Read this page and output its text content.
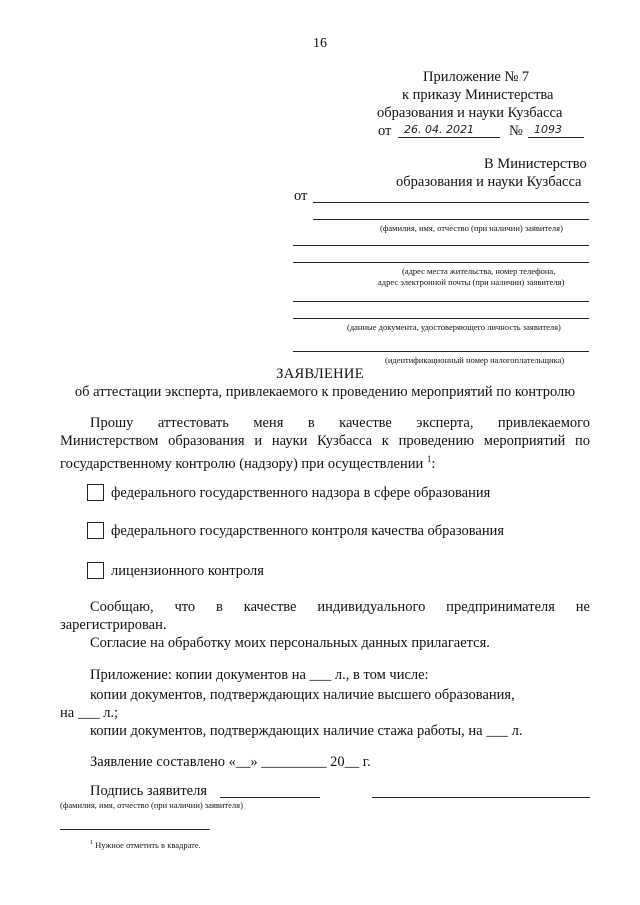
16
Приложение № 7
к приказу Министерства
образования и науки Кузбасса
от 26. 04. 2021 № 1093
В Министерство
образования и науки Кузбасса
от
(фамилия, имя, отчество (при наличии) заявителя)
(адрес места жительства, номер телефона,
адрес электронной почты (при наличии) заявителя)
(данные документа, удостоверяющего личность заявителя)
(идентификационный номер налогоплательщика)
ЗАЯВЛЕНИЕ
об аттестации эксперта, привлекаемого к проведению мероприятий по контролю
Прошу аттестовать меня в качестве эксперта, привлекаемого
Министерством образования и науки Кузбасса к проведению мероприятий по
государственному контролю (надзору) при осуществлении $^1$:
федерального государственного надзора в сфере образования
федерального государственного контроля качества образования
лицензионного контроля
Сообщаю, что в качестве индивидуального предпринимателя не
зарегистрирован.
Согласие на обработку моих персональных данных прилагается.
Приложение: копии документов на ___ л., в том числе:
копии документов, подтверждающих наличие высшего образования,
на ___ л.;
копии документов, подтверждающих наличие стажа работы, на ___ л.
Заявление составлено «__» _________ 20__ г.
Подпись заявителя
(фамилия, имя, отчество (при наличии) заявителя)
$^1$ Нужное отметить в квадрате.
